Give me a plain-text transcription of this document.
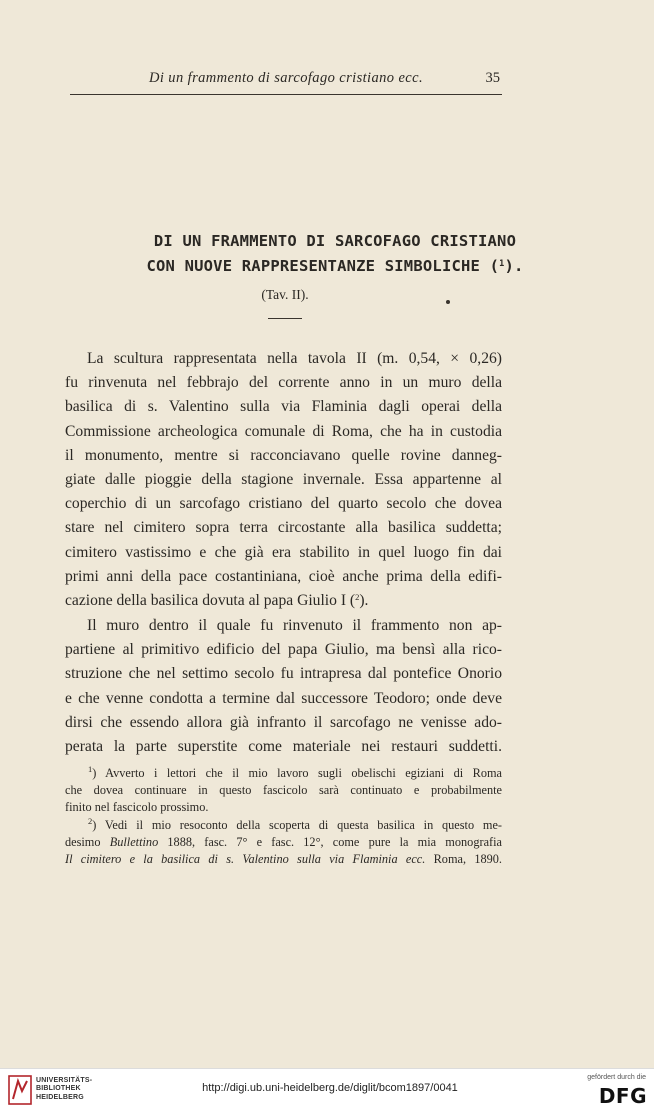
Di un frammento di sarcofago cristiano ecc.	35
DI UN FRAMMENTO DI SARCOFAGO CRISTIANO
CON NUOVE RAPPRESENTANZE SIMBOLICHE ($^1$).
(Tav. II).
La scultura rappresentata nella tavola II (m. 0,54, × 0,26)
fu rinvenuta nel febbrajo del corrente anno in un muro della
basilica di s. Valentino sulla via Flaminia dagli operai della
Commissione archeologica comunale di Roma, che ha in custodia
il monumento, mentre si racconciavano quelle rovine danneg-
giate dalle pioggie della stagione invernale. Essa appartenne al
coperchio di un sarcofago cristiano del quarto secolo che dovea
stare nel cimitero sopra terra circostante alla basilica suddetta;
cimitero vastissimo e che già era stabilito in quel luogo fin dai
primi anni della pace costantiniana, cioè anche prima della edifi-
cazione della basilica dovuta al papa Giulio I ($^2$).
Il muro dentro il quale fu rinvenuto il frammento non ap-
partiene al primitivo edificio del papa Giulio, ma bensì alla rico-
struzione che nel settimo secolo fu intrapresa dal pontefice Onorio
e che venne condotta a termine dal successore Teodoro; onde deve
dirsi che essendo allora già infranto il sarcofago ne venisse ado-
perata la parte superstite come materiale nei restauri suddetti.
$^1$) Avverto i lettori che il mio lavoro sugli obelischi egiziani di Roma
che dovea continuare in questo fascicolo sarà continuato e probabilmente
finito nel fascicolo prossimo.
$^2$) Vedi il mio resoconto della scoperta di questa basilica in questo me-
desimo Bullettino 1888, fasc. 7° e fasc. 12°, come pure la mia monografia
Il cimitero e la basilica di s. Valentino sulla via Flaminia ecc. Roma, 1890.
UNIVERSITÄTS-
BIBLIOTHEK
HEIDELBERG
http://digi.ub.uni-heidelberg.de/diglit/bcom1897/0041
gefördert durch die
DFG
